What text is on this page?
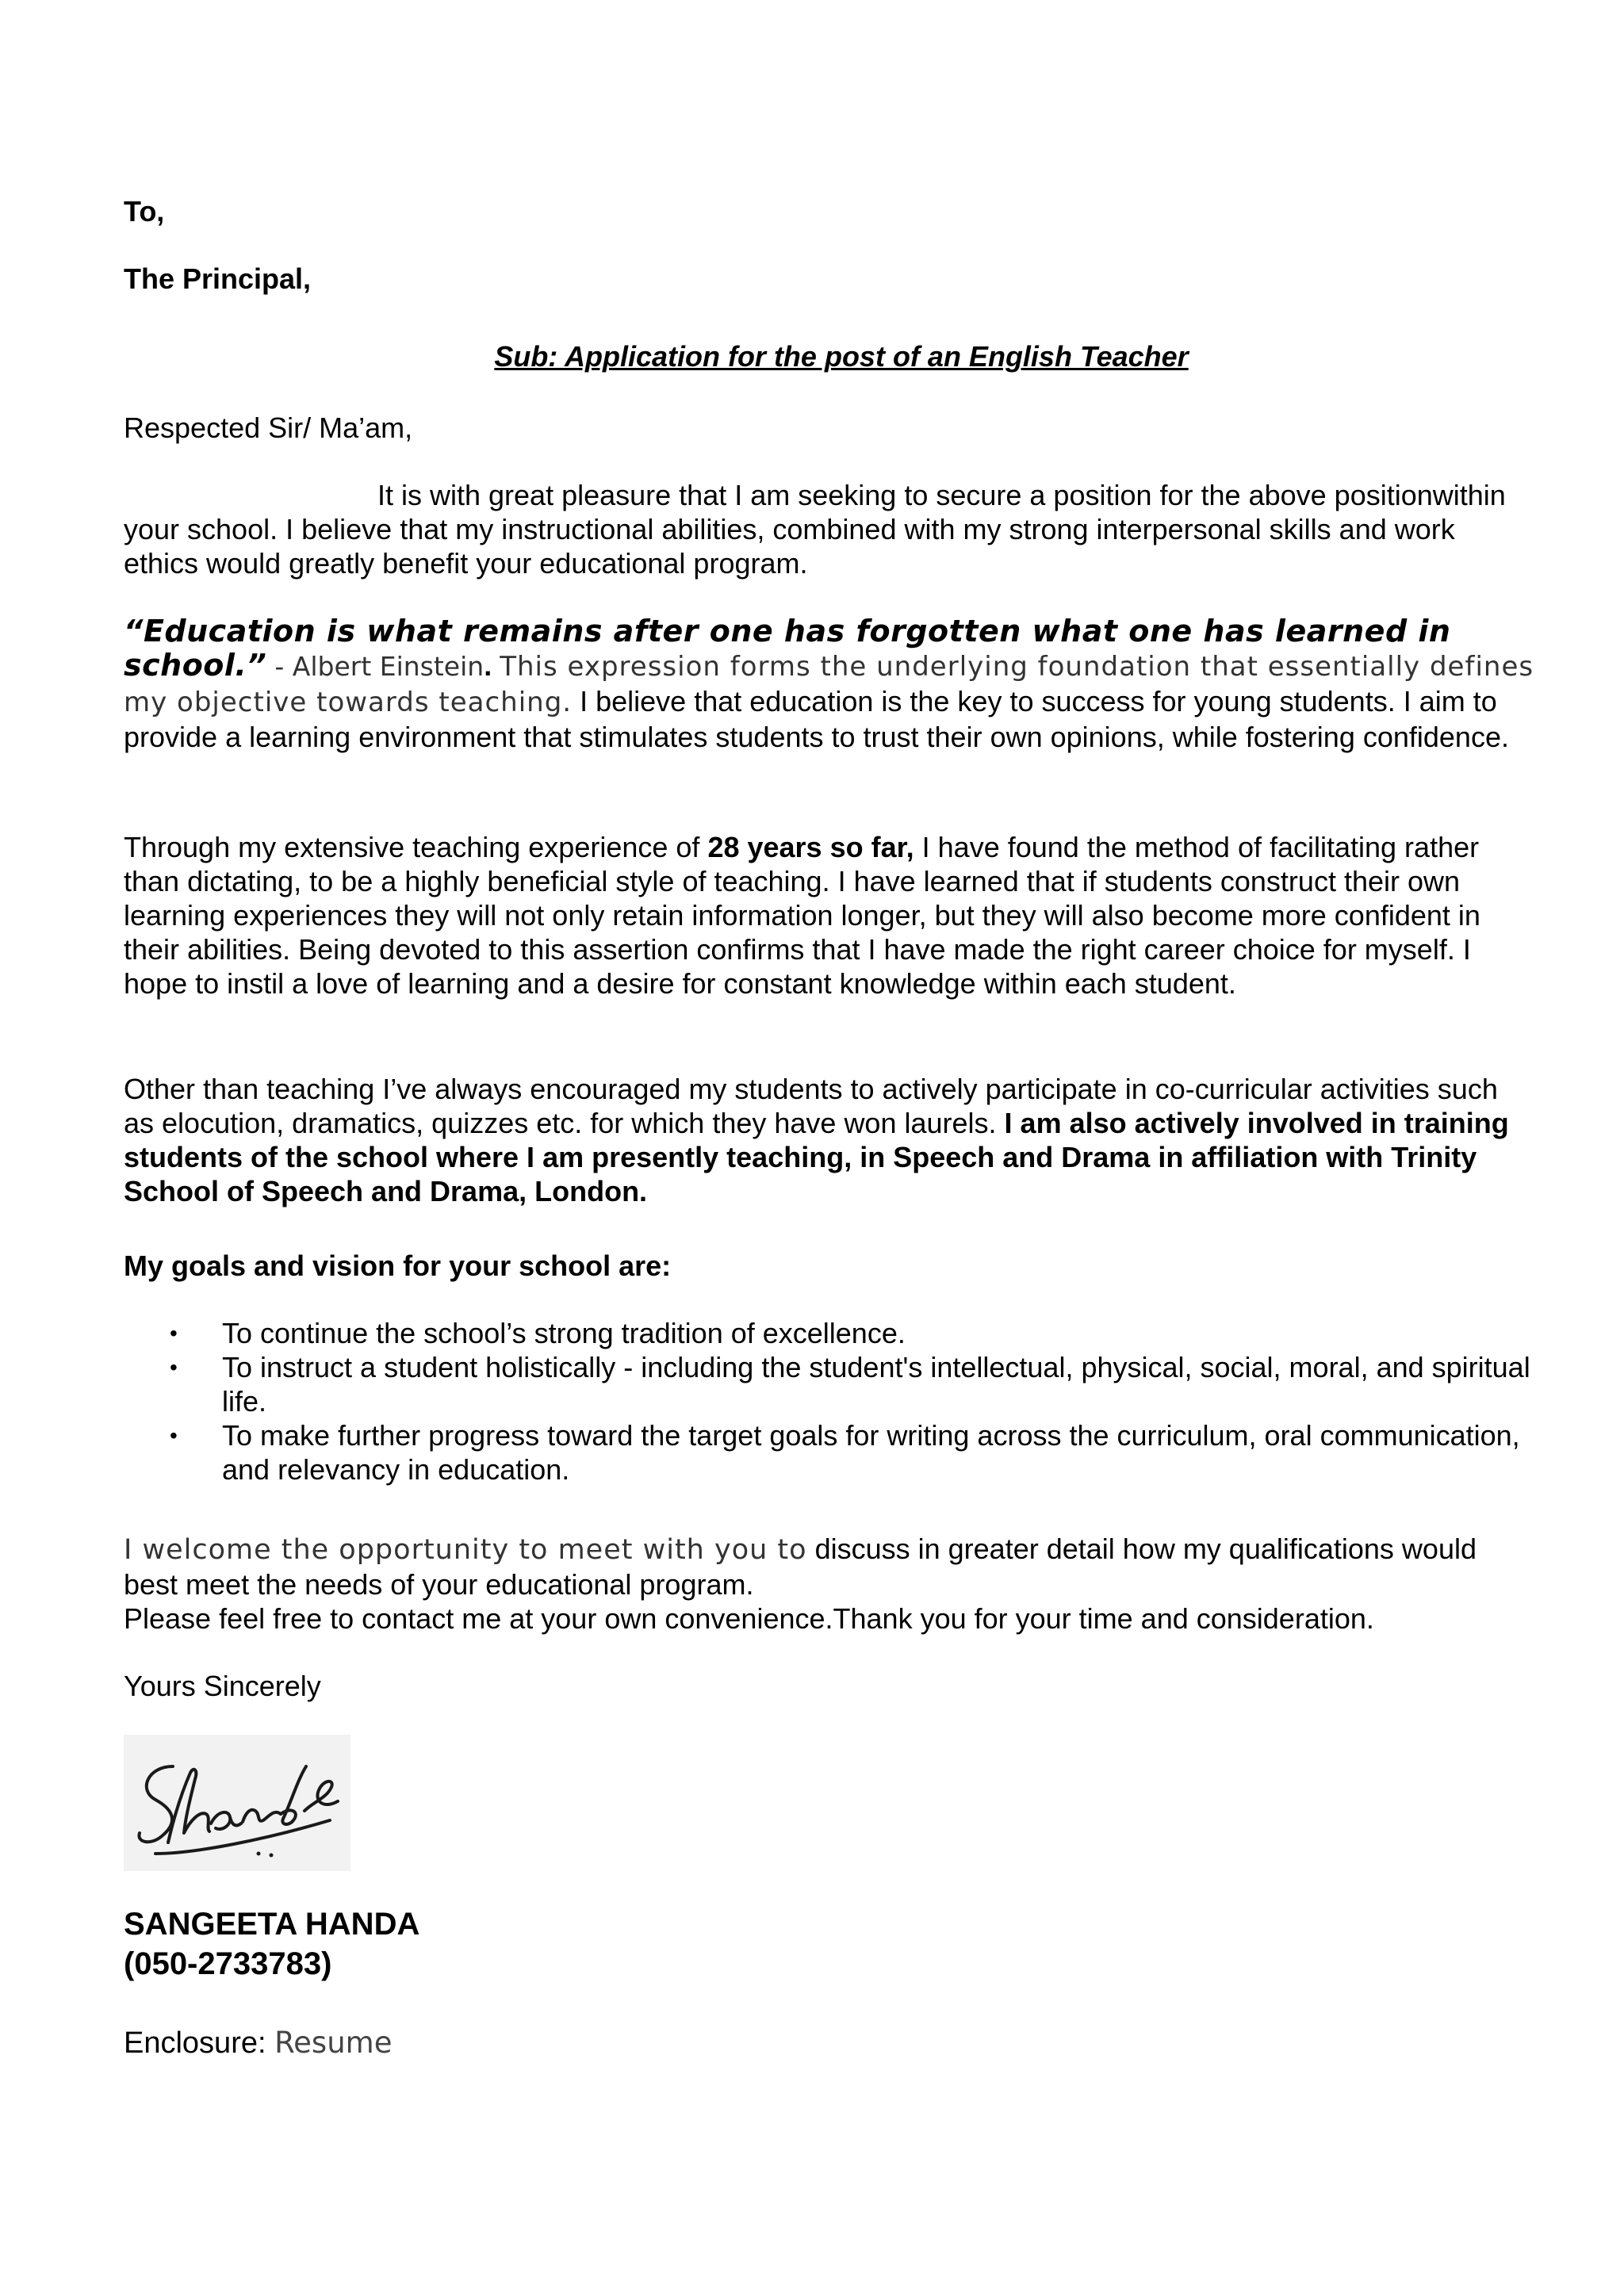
To,
The Principal,
Sub: Application for the post of an English Teacher
Respected Sir/ Ma’am,
It is with great pleasure that I am seeking to secure a position for the above positionwithin your school. I believe that my instructional abilities, combined with my strong interpersonal skills and work ethics would greatly benefit your educational program.
“Education is what remains after one has forgotten what one has learned in school.” - Albert Einstein. This expression forms the underlying foundation that essentially defines my objective towards teaching. I believe that education is the key to success for young students. I aim to provide a learning environment that stimulates students to trust their own opinions, while fostering confidence.
Through my extensive teaching experience of 28 years so far, I have found the method of facilitating rather than dictating, to be a highly beneficial style of teaching. I have learned that if students construct their own learning experiences they will not only retain information longer, but they will also become more confident in their abilities. Being devoted to this assertion confirms that I have made the right career choice for myself. I hope to instil a love of learning and a desire for constant knowledge within each student.
Other than teaching I’ve always encouraged my students to actively participate in co-curricular activities such as elocution, dramatics, quizzes etc. for which they have won laurels. I am also actively involved in training students of the school where I am presently teaching, in Speech and Drama in affiliation with Trinity School of Speech and Drama, London.
My goals and vision for your school are:
• To continue the school’s strong tradition of excellence.
• To instruct a student holistically - including the student's intellectual, physical, social, moral, and spiritual life.
• To make further progress toward the target goals for writing across the curriculum, oral communication, and relevancy in education.
I welcome the opportunity to meet with you to discuss in greater detail how my qualifications would best meet the needs of your educational program.
Please feel free to contact me at your own convenience.Thank you for your time and consideration.
Yours Sincerely
SANGEETA HANDA
(050-2733783)
Enclosure: Resume
